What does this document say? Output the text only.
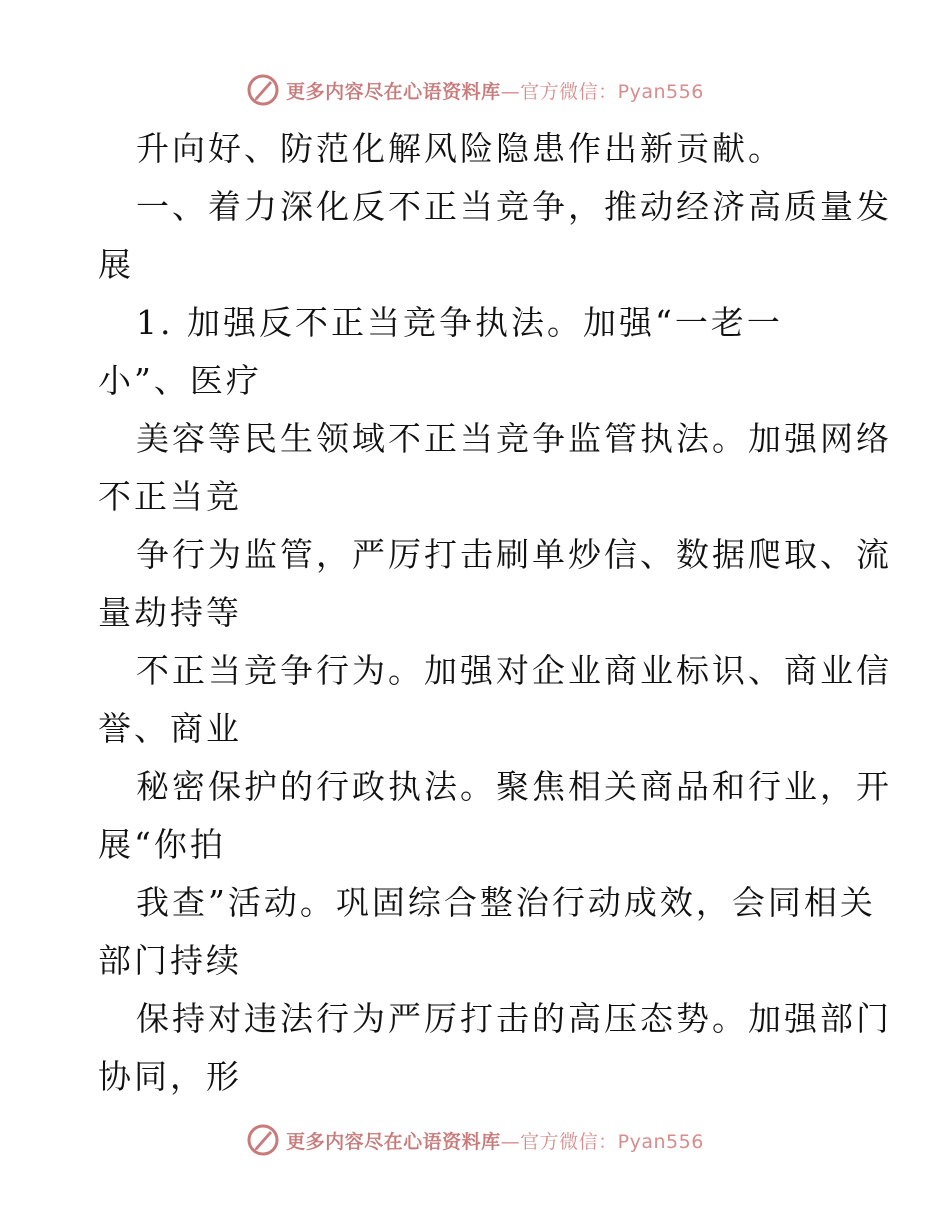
更多内容尽在心语资料库—官方微信：Pyan556
升向好、防范化解风险隐患作出新贡献。
一、着力深化反不正当竞争，推动经济高质量发
展
1. 加强反不正当竞争执法。加强“一老一
小”、医疗
美容等民生领域不正当竞争监管执法。加强网络
不正当竞
争行为监管，严厉打击刷单炒信、数据爬取、流
量劫持等
不正当竞争行为。加强对企业商业标识、商业信
誉、商业
秘密保护的行政执法。聚焦相关商品和行业，开
展“你拍
我查”活动。巩固综合整治行动成效，会同相关
部门持续
保持对违法行为严厉打击的高压态势。加强部门
协同，形
更多内容尽在心语资料库—官方微信：Pyan556
